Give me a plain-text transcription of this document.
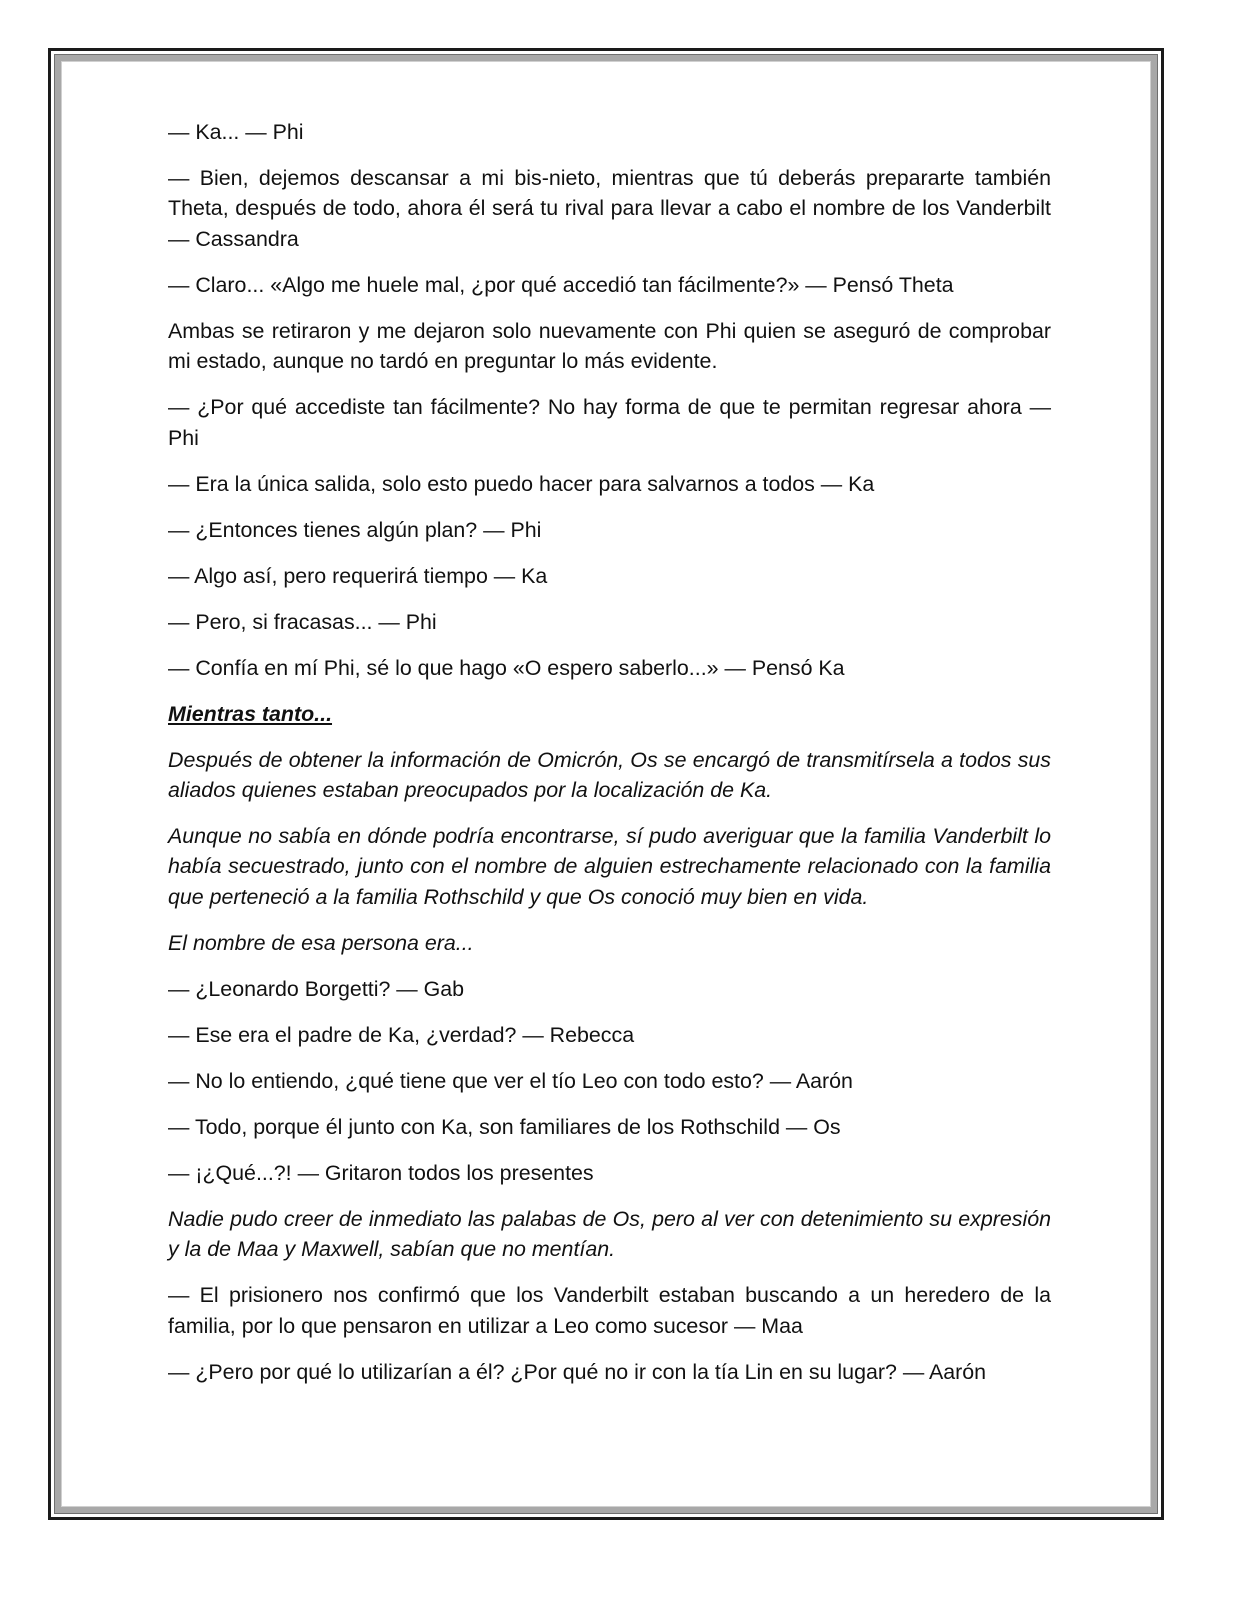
— Ka... — Phi

— Bien, dejemos descansar a mi bis-nieto, mientras que tú deberás prepararte también Theta, después de todo, ahora él será tu rival para llevar a cabo el nombre de los Vanderbilt — Cassandra

— Claro... «Algo me huele mal, ¿por qué accedió tan fácilmente?» — Pensó Theta

Ambas se retiraron y me dejaron solo nuevamente con Phi quien se aseguró de comprobar mi estado, aunque no tardó en preguntar lo más evidente.

— ¿Por qué accediste tan fácilmente? No hay forma de que te permitan regresar ahora — Phi

— Era la única salida, solo esto puedo hacer para salvarnos a todos — Ka

— ¿Entonces tienes algún plan? — Phi

— Algo así, pero requerirá tiempo — Ka

— Pero, si fracasas... — Phi

— Confía en mí Phi, sé lo que hago «O espero saberlo...» — Pensó Ka

Mientras tanto...

Después de obtener la información de Omicrón, Os se encargó de transmitírsela a todos sus aliados quienes estaban preocupados por la localización de Ka.

Aunque no sabía en dónde podría encontrarse, sí pudo averiguar que la familia Vanderbilt lo había secuestrado, junto con el nombre de alguien estrechamente relacionado con la familia que perteneció a la familia Rothschild y que Os conoció muy bien en vida.

El nombre de esa persona era...

— ¿Leonardo Borgetti? — Gab

— Ese era el padre de Ka, ¿verdad? — Rebecca

— No lo entiendo, ¿qué tiene que ver el tío Leo con todo esto? — Aarón

— Todo, porque él junto con Ka, son familiares de los Rothschild — Os

— ¡¿Qué...?! — Gritaron todos los presentes

Nadie pudo creer de inmediato las palabas de Os, pero al ver con detenimiento su expresión y la de Maa y Maxwell, sabían que no mentían.

— El prisionero nos confirmó que los Vanderbilt estaban buscando a un heredero de la familia, por lo que pensaron en utilizar a Leo como sucesor — Maa

— ¿Pero por qué lo utilizarían a él? ¿Por qué no ir con la tía Lin en su lugar? — Aarón
